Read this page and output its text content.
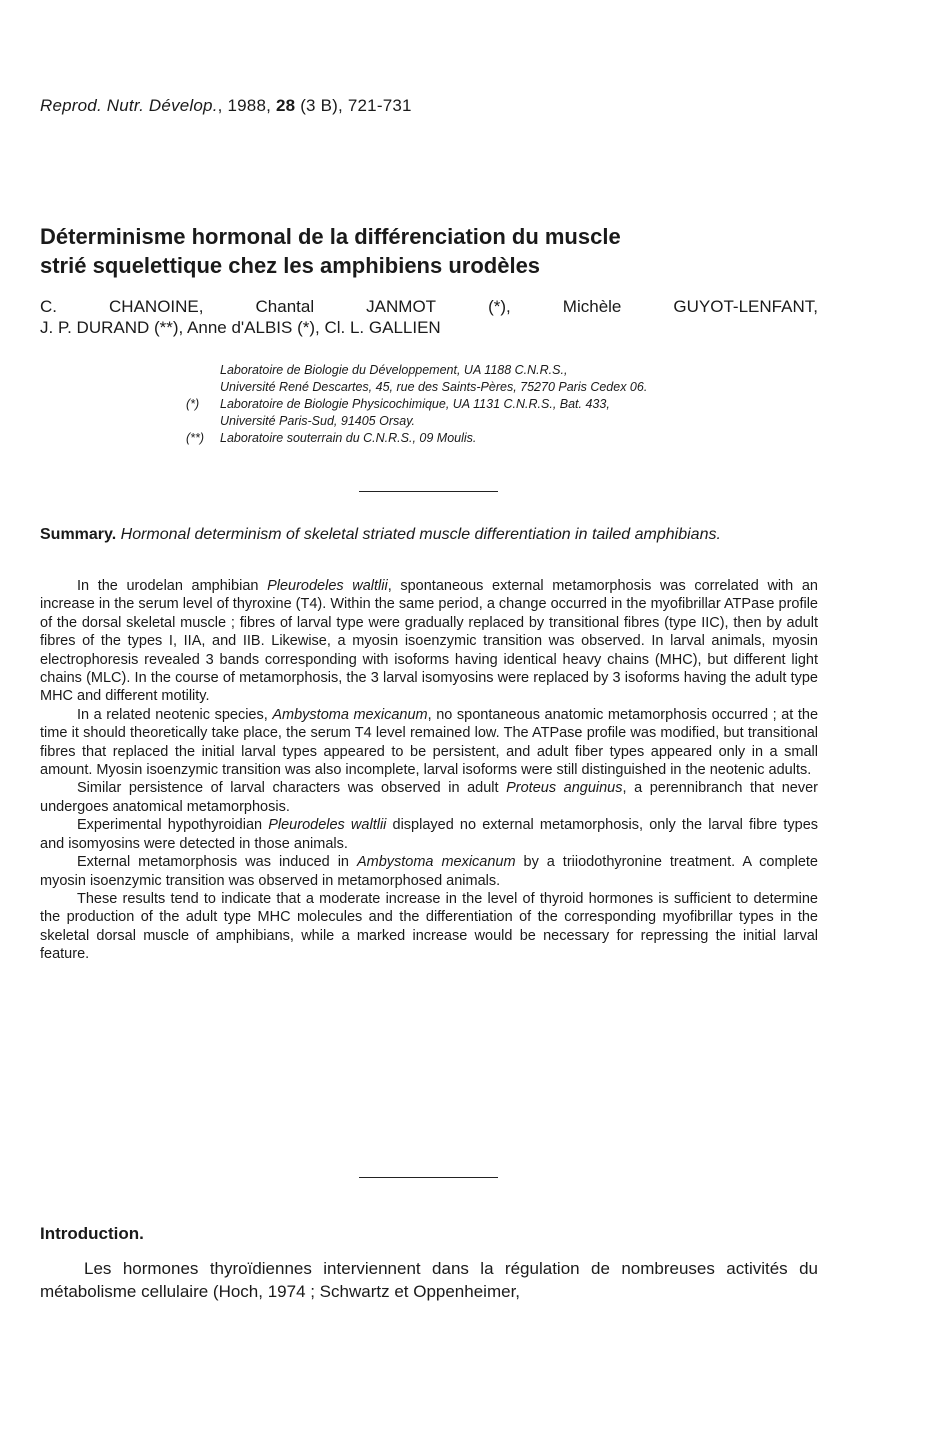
Reprod. Nutr. Dévelop., 1988, 28 (3 B), 721-731
Déterminisme hormonal de la différenciation du muscle
strié squelettique chez les amphibiens urodèles
C.	CHANOINE,	Chantal	JANMOT	(*),	Michèle	GUYOT-LENFANT,
J. P. DURAND (**), Anne d'ALBIS (*), Cl. L. GALLIEN
Laboratoire de Biologie du Développement, UA 1188 C.N.R.S.,
Université René Descartes, 45, rue des Saints-Pères, 75270 Paris Cedex 06.
(*) Laboratoire de Biologie Physicochimique, UA 1131 C.N.R.S., Bat. 433,
Université Paris-Sud, 91405 Orsay.
(**) Laboratoire souterrain du C.N.R.S., 09 Moulis.
Summary. Hormonal determinism of skeletal striated muscle differentiation in tailed amphibians.

In the urodelan amphibian Pleurodeles waltlii, spontaneous external metamorphosis was correlated with an increase in the serum level of thyroxine (T4). Within the same period, a change occurred in the myofibrillar ATPase profile of the dorsal skeletal muscle ; fibres of larval type were gradually replaced by transitional fibres (type IIC), then by adult fibres of the types I, IIA, and IIB. Likewise, a myosin isoenzymic transition was observed. In larval animals, myosin electrophoresis revealed 3 bands corresponding with isoforms having identical heavy chains (MHC), but different light chains (MLC). In the course of metamorphosis, the 3 larval isomyosins were replaced by 3 isoforms having the adult type MHC and different motility.

In a related neotenic species, Ambystoma mexicanum, no spontaneous anatomic metamorphosis occurred ; at the time it should theoretically take place, the serum T4 level remained low. The ATPase profile was modified, but transitional fibres that replaced the initial larval types appeared to be persistent, and adult fiber types appeared only in a small amount. Myosin isoenzymic transition was also incomplete, larval isoforms were still distinguished in the neotenic adults.

Similar persistence of larval characters was observed in adult Proteus anguinus, a perennibranch that never undergoes anatomical metamorphosis.

Experimental hypothyroidian Pleurodeles waltlii displayed no external metamorphosis, only the larval fibre types and isomyosins were detected in those animals.

External metamorphosis was induced in Ambystoma mexicanum by a triiodothyronine treatment. A complete myosin isoenzymic transition was observed in metamorphosed animals.

These results tend to indicate that a moderate increase in the level of thyroid hormones is sufficient to determine the production of the adult type MHC molecules and the differentiation of the corresponding myofibrillar types in the skeletal dorsal muscle of amphibians, while a marked increase would be necessary for repressing the initial larval feature.

Introduction.

Les hormones thyroïdiennes interviennent dans la régulation de nombreuses activités du métabolisme cellulaire (Hoch, 1974 ; Schwartz et Oppenheimer,
